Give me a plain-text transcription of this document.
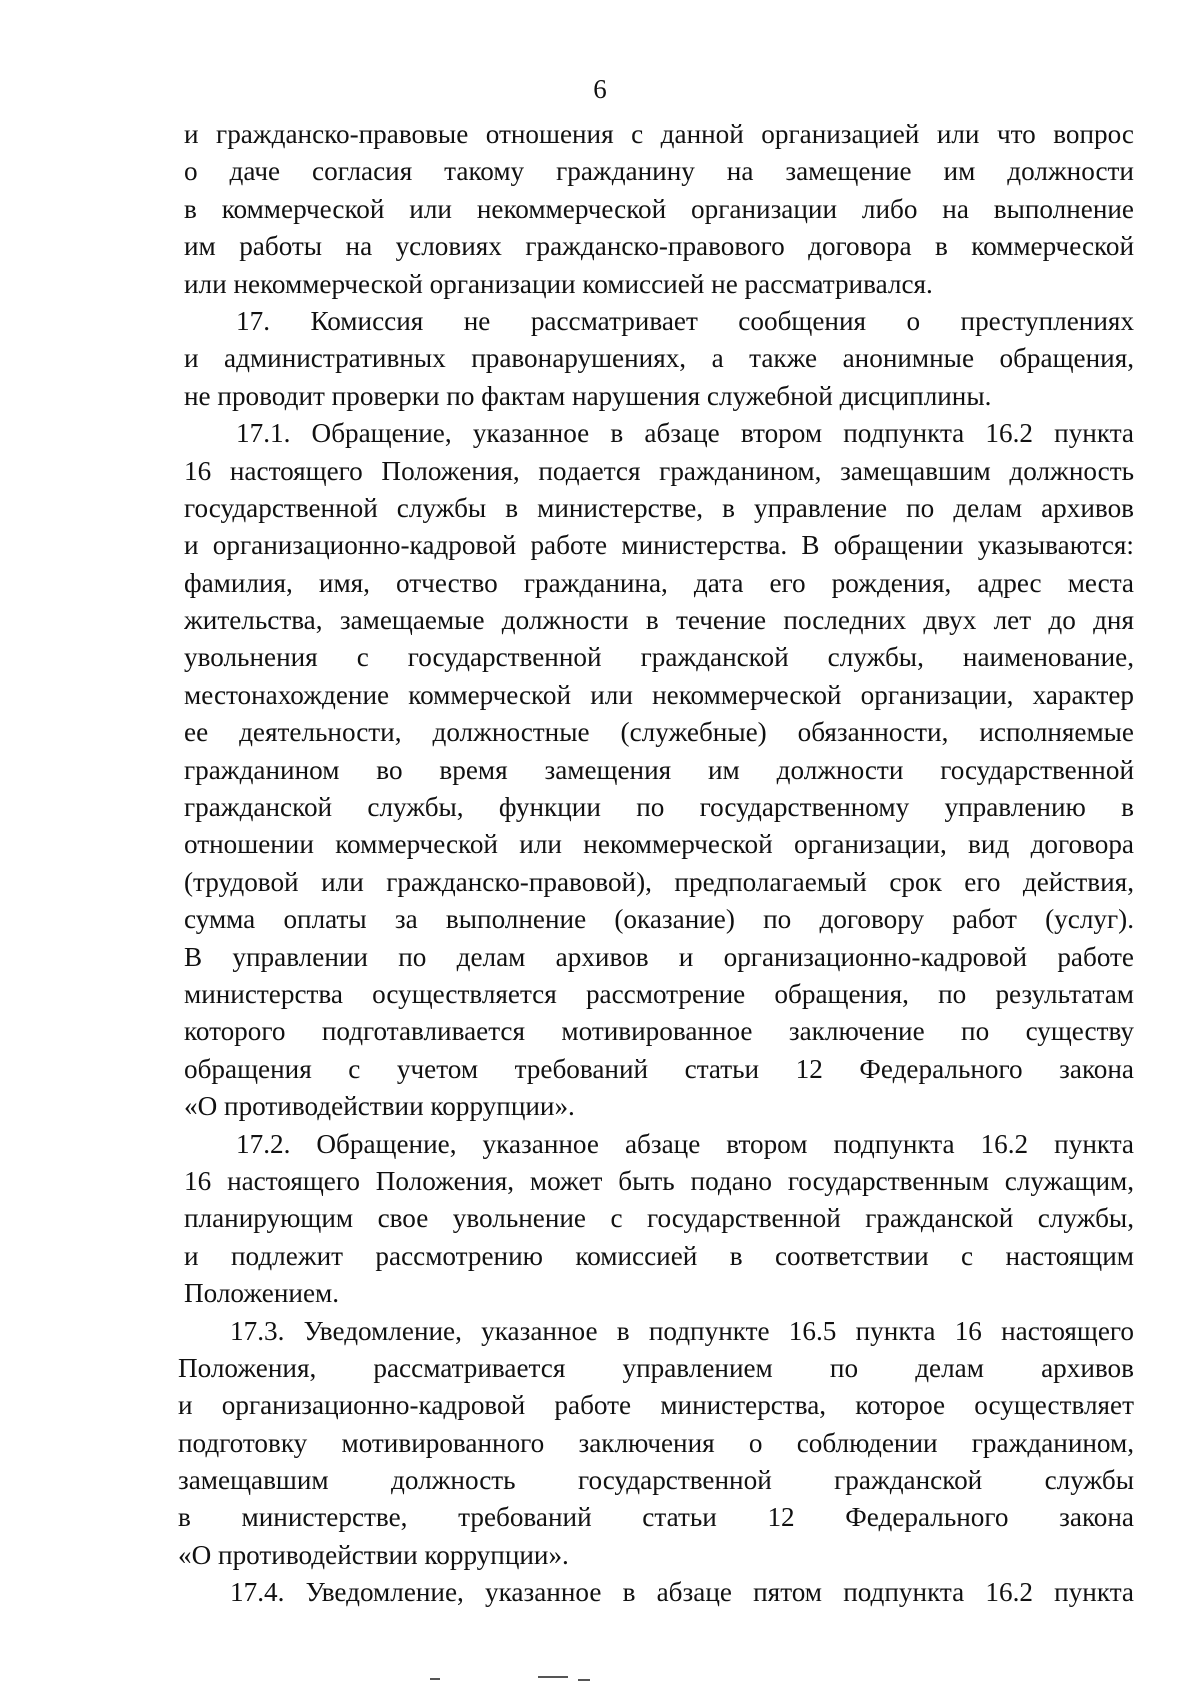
6
и гражданско-правовые отношения с данной организацией или что вопрос
о даче согласия такому гражданину на замещение им должности
в коммерческой или некоммерческой организации либо на выполнение
им работы на условиях гражданско-правового договора в коммерческой
или некоммерческой организации комиссией не рассматривался.
17. Комиссия не рассматривает сообщения о преступлениях
и административных правонарушениях, а также анонимные обращения,
не проводит проверки по фактам нарушения служебной дисциплины.
17.1. Обращение, указанное в абзаце втором подпункта 16.2 пункта
16 настоящего Положения, подается гражданином, замещавшим должность
государственной службы в министерстве, в управление по делам архивов
и организационно-кадровой работе министерства. В обращении указываются:
фамилия, имя, отчество гражданина, дата его рождения, адрес места
жительства, замещаемые должности в течение последних двух лет до дня
увольнения с государственной гражданской службы, наименование,
местонахождение коммерческой или некоммерческой организации, характер
ее деятельности, должностные (служебные) обязанности, исполняемые
гражданином во время замещения им должности государственной
гражданской службы, функции по государственному управлению в
отношении коммерческой или некоммерческой организации, вид договора
(трудовой или гражданско-правовой), предполагаемый срок его действия,
сумма оплаты за выполнение (оказание) по договору работ (услуг).
В управлении по делам архивов и организационно-кадровой работе
министерства осуществляется рассмотрение обращения, по результатам
которого подготавливается мотивированное заключение по существу
обращения с учетом требований статьи 12 Федерального закона
«О противодействии коррупции».
17.2. Обращение, указанное абзаце втором подпункта 16.2 пункта
16 настоящего Положения, может быть подано государственным служащим,
планирующим свое увольнение с государственной гражданской службы,
и подлежит рассмотрению комиссией в соответствии с настоящим
Положением.
17.3. Уведомление, указанное в подпункте 16.5 пункта 16 настоящего
Положения, рассматривается управлением по делам архивов
и организационно-кадровой работе министерства, которое осуществляет
подготовку мотивированного заключения о соблюдении гражданином,
замещавшим должность государственной гражданской службы
в министерстве, требований статьи 12 Федерального закона
«О противодействии коррупции».
17.4. Уведомление, указанное в абзаце пятом подпункта 16.2 пункта
